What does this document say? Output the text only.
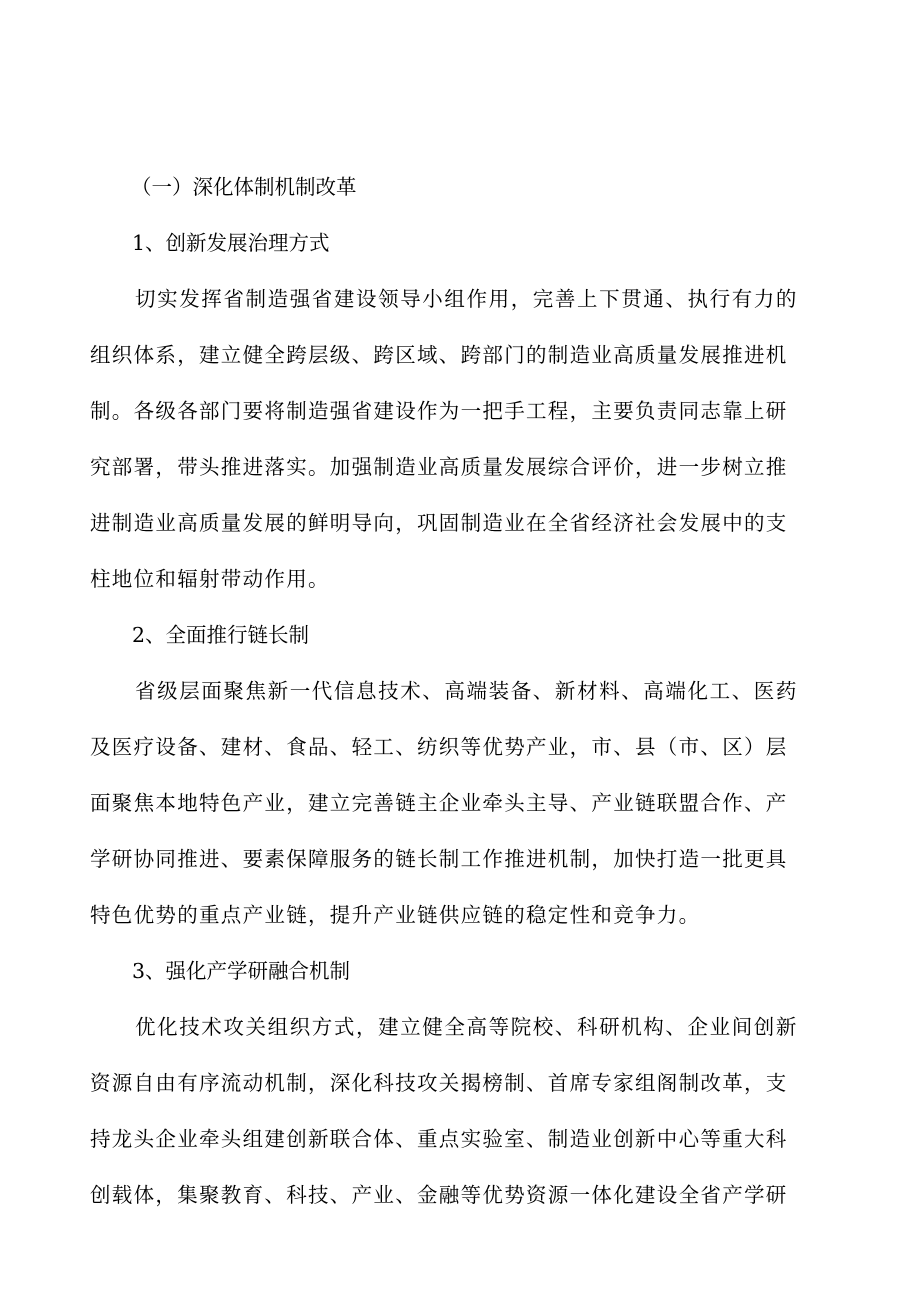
（一）深化体制机制改革
1、创新发展治理方式
切实发挥省制造强省建设领导小组作用，完善上下贯通、执行有力的
组织体系，建立健全跨层级、跨区域、跨部门的制造业高质量发展推进机
制。各级各部门要将制造强省建设作为一把手工程，主要负责同志靠上研
究部署，带头推进落实。加强制造业高质量发展综合评价，进一步树立推
进制造业高质量发展的鲜明导向，巩固制造业在全省经济社会发展中的支
柱地位和辐射带动作用。
2、全面推行链长制
省级层面聚焦新一代信息技术、高端装备、新材料、高端化工、医药
及医疗设备、建材、食品、轻工、纺织等优势产业，市、县（市、区）层
面聚焦本地特色产业，建立完善链主企业牵头主导、产业链联盟合作、产
学研协同推进、要素保障服务的链长制工作推进机制，加快打造一批更具
特色优势的重点产业链，提升产业链供应链的稳定性和竞争力。
3、强化产学研融合机制
优化技术攻关组织方式，建立健全高等院校、科研机构、企业间创新
资源自由有序流动机制，深化科技攻关揭榜制、首席专家组阁制改革，支
持龙头企业牵头组建创新联合体、重点实验室、制造业创新中心等重大科
创载体，集聚教育、科技、产业、金融等优势资源一体化建设全省产学研
